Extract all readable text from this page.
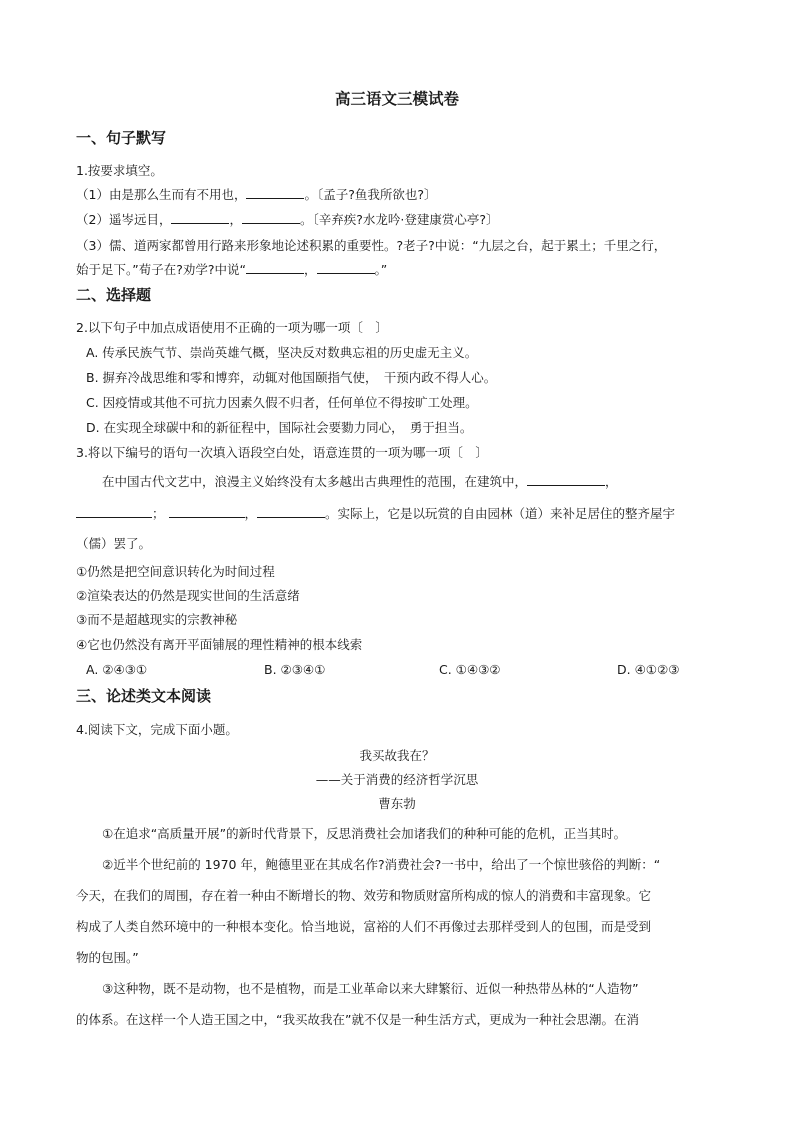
高三语文三模试卷
一、句子默写
1.按要求填空。
（1）由是那么生而有不用也，	。〔孟子?鱼我所欲也?〕
（2）遥岑远目，	，	。〔辛弃疾?水龙吟·登建康赏心亭?〕
（3）儒、道两家都曾用行路来形象地论述积累的重要性。?老子?中说：“九层之台，起于累土；千里之行，
始于足下。”荀子在?劝学?中说“	，	。”
二、选择题
2.以下句子中加点成语使用不正确的一项为哪一项〔　〕
A. 传承民族气节、崇尚英雄气概，坚决反对数典忘祖的历史虚无主义。
B. 摒弃冷战思维和零和博弈，动辄对他国颐指气使，　干预内政不得人心。
C. 因疫情或其他不可抗力因素久假不归者，任何单位不得按旷工处理。
D. 在实现全球碳中和的新征程中，国际社会要勠力同心，　勇于担当。
3.将以下编号的语句一次填入语段空白处，语意连贯的一项为哪一项〔　〕
在中国古代文艺中，浪漫主义始终没有太多越出古典理性的范围，在建筑中，	，
；	，	。实际上，它是以玩赏的自由园林（道）来补足居住的整齐屋宇
（儒）罢了。
①仍然是把空间意识转化为时间过程
②渲染表达的仍然是现实世间的生活意绪
③而不是超越现实的宗教神秘
④它也仍然没有离开平面铺展的理性精神的根本线索
A. ②④③①	B. ②③④①	C. ①④③②	D. ④①②③
三、论述类文本阅读
4.阅读下文，完成下面小题。
我买故我在？
——关于消费的经济哲学沉思
曹东勃
①在追求“高质量开展”的新时代背景下，反思消费社会加诸我们的种种可能的危机，正当其时。
②近半个世纪前的 1970 年，鲍德里亚在其成名作?消费社会?一书中，给出了一个惊世骇俗的判断：“
今天，在我们的周围，存在着一种由不断增长的物、效劳和物质财富所构成的惊人的消费和丰富现象。它
构成了人类自然环境中的一种根本变化。恰当地说，富裕的人们不再像过去那样受到人的包围，而是受到
物的包围。”
③这种物，既不是动物，也不是植物，而是工业革命以来大肆繁衍、近似一种热带丛林的“人造物”
的体系。在这样一个人造王国之中，“我买故我在”就不仅是一种生活方式，更成为一种社会思潮。在消
